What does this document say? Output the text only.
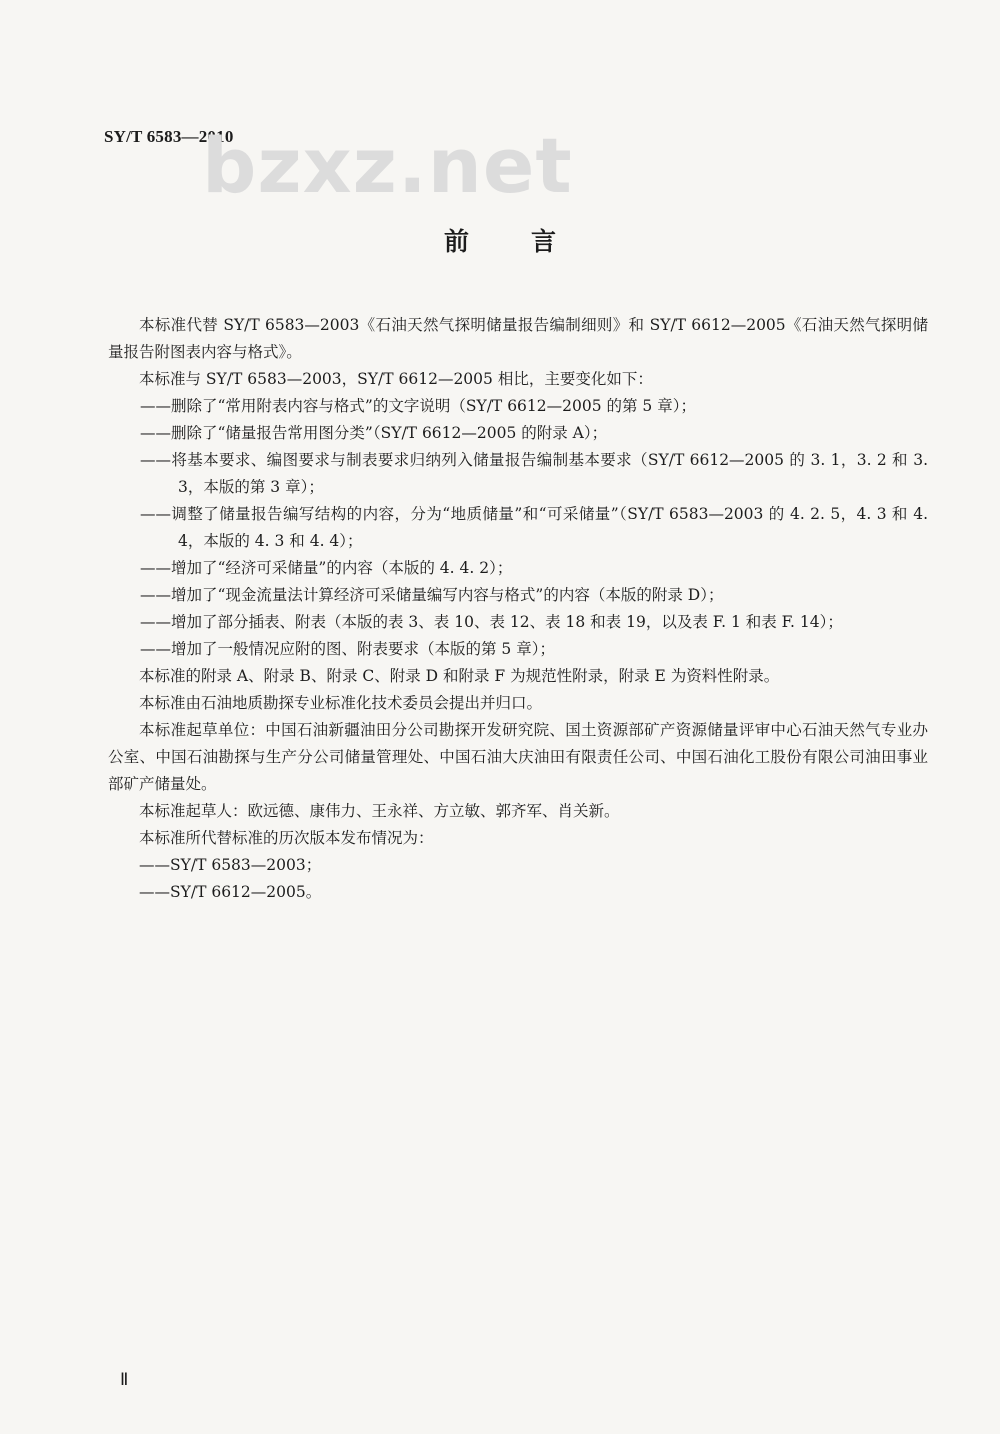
SY/T 6583—2010
bzxz.net
前 言
本标准代替 SY/T 6583—2003《石油天然气探明储量报告编制细则》和 SY/T 6612—2005《石油天然气探明储量报告附图表内容与格式》。
本标准与 SY/T 6583—2003，SY/T 6612—2005 相比，主要变化如下：
——删除了“常用附表内容与格式”的文字说明（SY/T 6612—2005 的第 5 章）；
——删除了“储量报告常用图分类”（SY/T 6612—2005 的附录 A）；
——将基本要求、编图要求与制表要求归纳列入储量报告编制基本要求（SY/T 6612—2005 的 3. 1，3. 2 和 3. 3，本版的第 3 章）；
——调整了储量报告编写结构的内容，分为“地质储量”和“可采储量”（SY/T 6583—2003 的 4. 2. 5，4. 3 和 4. 4，本版的 4. 3 和 4. 4）；
——增加了“经济可采储量”的内容（本版的 4. 4. 2）；
——增加了“现金流量法计算经济可采储量编写内容与格式”的内容（本版的附录 D）；
——增加了部分插表、附表（本版的表 3、表 10、表 12、表 18 和表 19，以及表 F. 1 和表 F. 14）；
——增加了一般情况应附的图、附表要求（本版的第 5 章）；
本标准的附录 A、附录 B、附录 C、附录 D 和附录 F 为规范性附录，附录 E 为资料性附录。
本标准由石油地质勘探专业标准化技术委员会提出并归口。
本标准起草单位：中国石油新疆油田分公司勘探开发研究院、国土资源部矿产资源储量评审中心石油天然气专业办公室、中国石油勘探与生产分公司储量管理处、中国石油大庆油田有限责任公司、中国石油化工股份有限公司油田事业部矿产储量处。
本标准起草人：欧远德、康伟力、王永祥、方立敏、郭齐军、肖关新。
本标准所代替标准的历次版本发布情况为：
——SY/T 6583—2003；
——SY/T 6612—2005。
Ⅱ
